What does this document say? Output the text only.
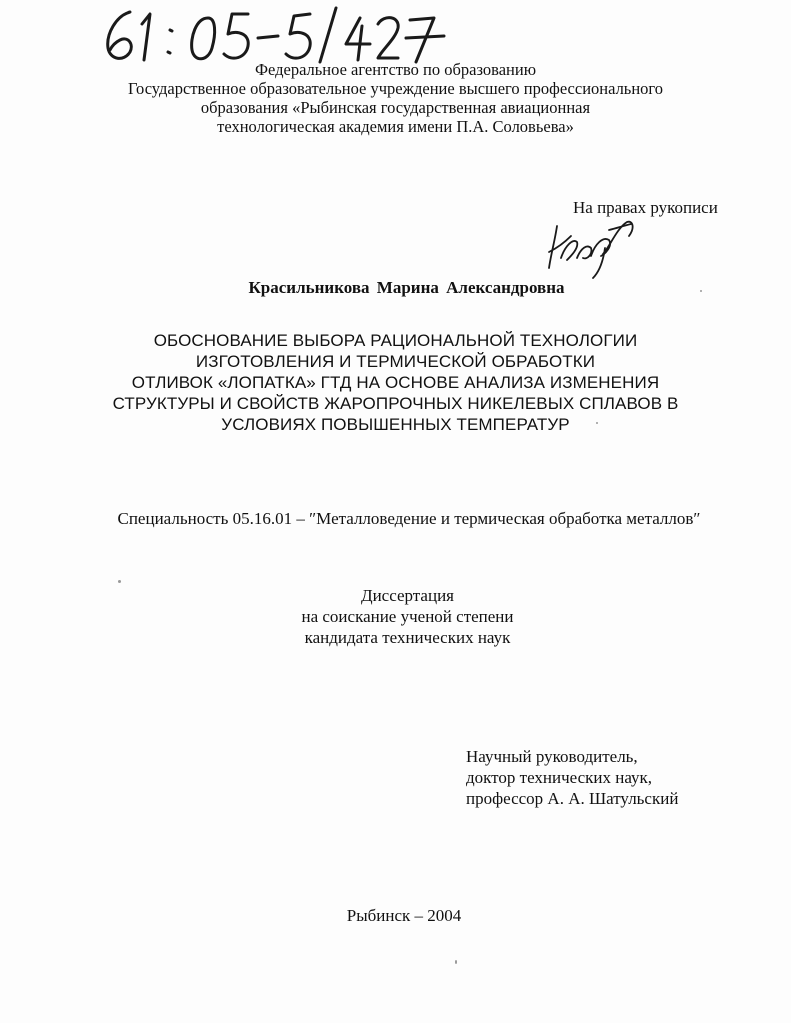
Федеральное агентство по образованию
Государственное образовательное учреждение высшего профессионального
образования «Рыбинская государственная авиационная
технологическая академия имени П.А. Соловьева»
На правах рукописи
Красильникова Марина Александровна
ОБОСНОВАНИЕ ВЫБОРА РАЦИОНАЛЬНОЙ ТЕХНОЛОГИИ
ИЗГОТОВЛЕНИЯ И ТЕРМИЧЕСКОЙ ОБРАБОТКИ
ОТЛИВОК «ЛОПАТКА» ГТД НА ОСНОВЕ АНАЛИЗА ИЗМЕНЕНИЯ
СТРУКТУРЫ И СВОЙСТВ ЖАРОПРОЧНЫХ НИКЕЛЕВЫХ СПЛАВОВ В
УСЛОВИЯХ ПОВЫШЕННЫХ ТЕМПЕРАТУР
Специальность 05.16.01 – ″Металловедение и термическая обработка металлов″
Диссертация
на соискание ученой степени
кандидата технических наук
Научный руководитель,
доктор технических наук,
профессор А. А. Шатульский
Рыбинск – 2004
